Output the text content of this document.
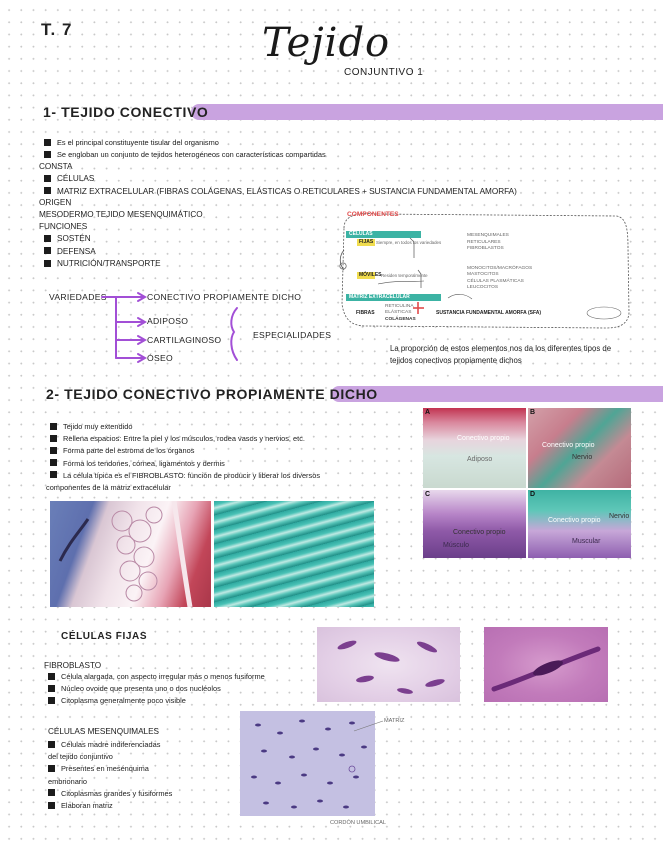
T. 7	Tejido
CONJUNTIVO 1
1- TEJIDO CONECTIVO
Es el principal constituyente tisular del organismo
Se engloban un conjunto de tejidos heterogéneos con características compartidas
CONSTA
CÉLULAS
MATRIZ EXTRACELULAR (FIBRAS COLÁGENAS, ELÁSTICAS O RETICULARES + SUSTANCIA FUNDAMENTAL AMORFA)
ORIGEN
MESODERMO TEJIDO MESENQUIMÁTICO
FUNCIONES
SOSTÉN
DEFENSA
NUTRICIÓN/TRANSPORTE
VARIEDADES	CONECTIVO PROPIAMENTE DICHO
ADIPOSO
CARTILAGINOSO
ÓSEO
ESPECIALIDADES
COMPONENTES
CÉLULAS
FIJAS Siempre, en todos los variedades
MESENQUIMALES
RETICULARES
FIBROBLASTOS
MÓVILES Residen temporalmente
MONOCITOS/MACRÓFAGOS
MASTOCITOS
CÉLULAS PLASMÁTICAS
LEUCOCITOS
MATRIZ EXTRACELULAR
FIBRAS
RETICULINA
ELÁSTICAS
COLÁGENAS
SUSTANCIA FUNDAMENTAL AMORFA (SFA)
La proporción de estos elementos nos da los diferentes tipos de tejidos conectivos propiamente dichos
2- TEJIDO CONECTIVO PROPIAMENTE DICHO
Tejido muy extendido
Rellena espacios: Entre la piel y los músculos, rodea vasos y nervios, etc.
Forma parte del estroma de los órganos
Forma los tendones, córnea, ligamentos y dermis
La célula típica es el FIBROBLASTO: función de producir y liberar los diversos
componentes de la matriz extracelular
A
Conectivo propio
Adiposo
B
Conectivo propio
Nervio
C
Conectivo propio
Músculo
D
Conectivo propio
Nervio
Muscular
CÉLULAS FIJAS
FIBROBLASTO
Célula alargada, con aspecto irregular más o menos fusiforme
Núcleo ovoide que presenta uno o dos nucléolos
Citoplasma generalmente poco visible
CÉLULAS MESENQUIMALES
Células madre indiferenciadas
del tejido conjuntivo
Presentes en mesénquima
embrionario
Citoplasmas grandes y fusiformes
Elaboran matriz
MATRIZ
CORDÓN UMBILICAL
